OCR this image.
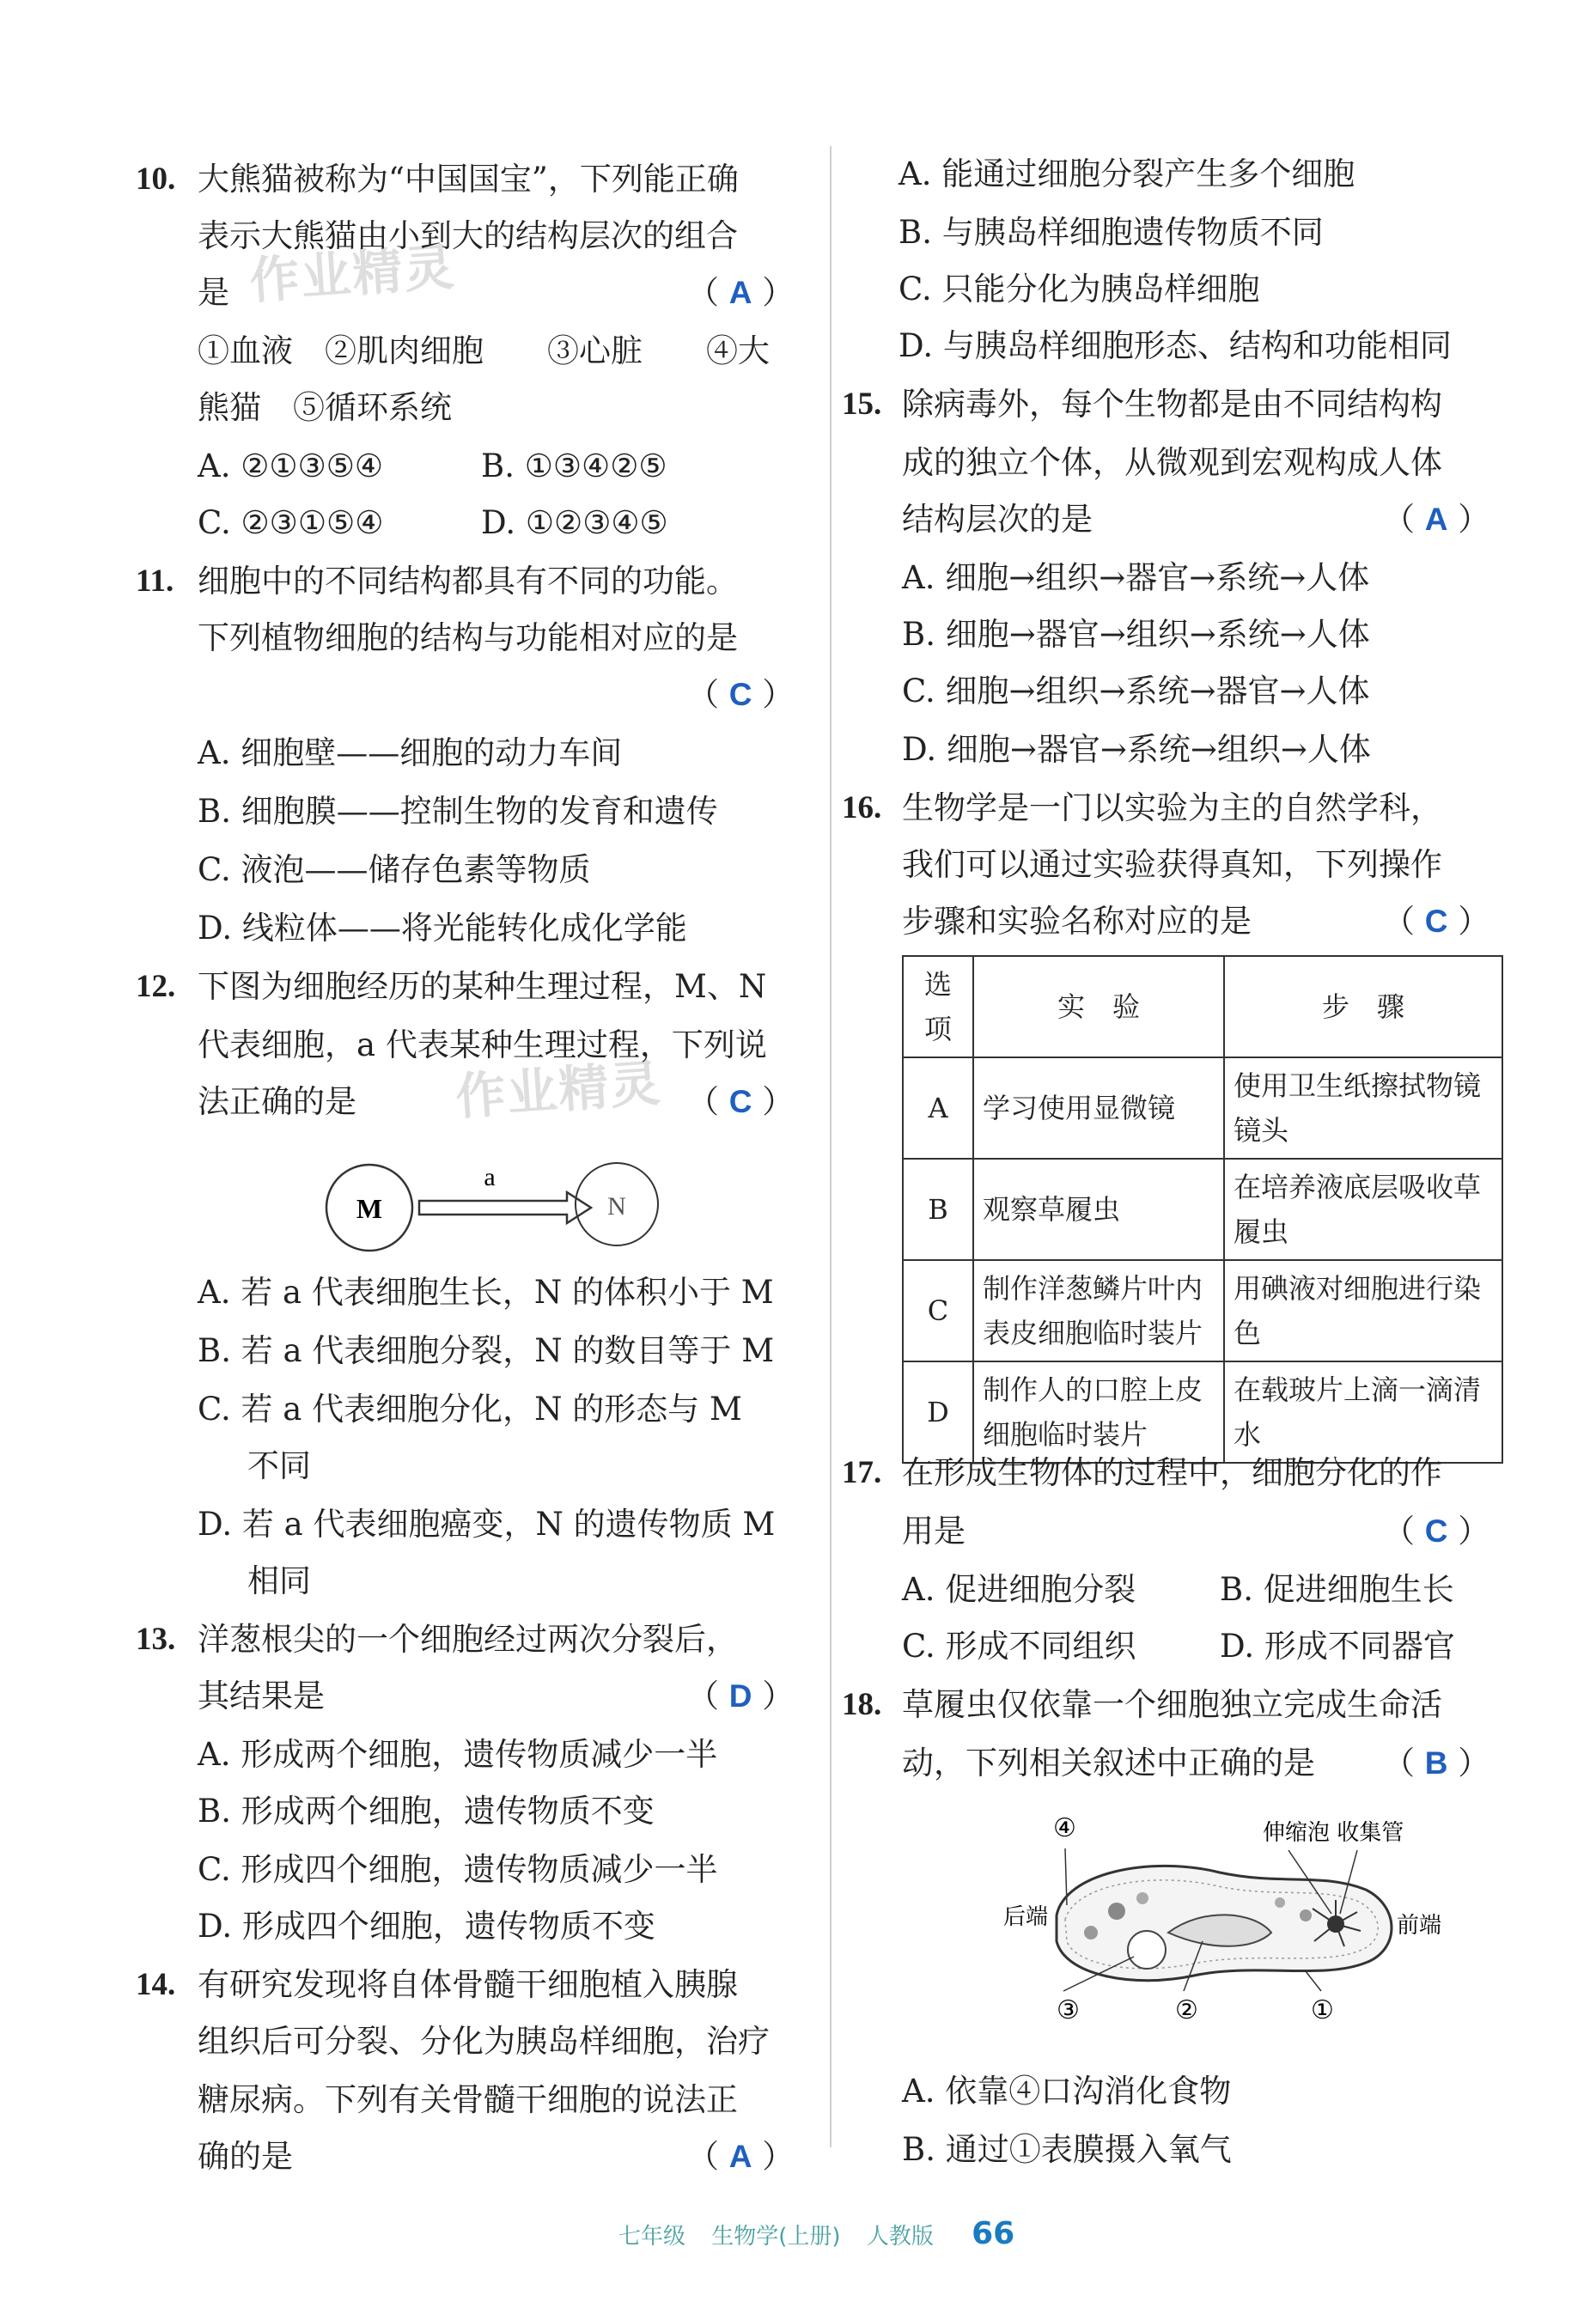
作业精灵
作业精灵
10. 大熊猫被称为“中国国宝”，下列能正确
表示大熊猫由小到大的结构层次的组合
是	（ A ）
①血液　②肌肉细胞　　③心脏　　④大
熊猫　⑤循环系统
A. ②①③⑤④	B. ①③④②⑤
C. ②③①⑤④	D. ①②③④⑤
11. 细胞中的不同结构都具有不同的功能。
下列植物细胞的结构与功能相对应的是
（ C ）
A. 细胞壁——细胞的动力车间
B. 细胞膜——控制生物的发育和遗传
C. 液泡——储存色素等物质
D. 线粒体——将光能转化成化学能
12. 下图为细胞经历的某种生理过程，M、N
代表细胞，a 代表某种生理过程，下列说
法正确的是	（ C ）
M
a
N
A. 若 a 代表细胞生长，N 的体积小于 M
B. 若 a 代表细胞分裂，N 的数目等于 M
C. 若 a 代表细胞分化，N 的形态与 M
不同
D. 若 a 代表细胞癌变，N 的遗传物质 M
相同
13. 洋葱根尖的一个细胞经过两次分裂后，
其结果是	（ D ）
A. 形成两个细胞，遗传物质减少一半
B. 形成两个细胞，遗传物质不变
C. 形成四个细胞，遗传物质减少一半
D. 形成四个细胞，遗传物质不变
14. 有研究发现将自体骨髓干细胞植入胰腺
组织后可分裂、分化为胰岛样细胞，治疗
糖尿病。下列有关骨髓干细胞的说法正
确的是	（ A ）
A. 能通过细胞分裂产生多个细胞
B. 与胰岛样细胞遗传物质不同
C. 只能分化为胰岛样细胞
D. 与胰岛样细胞形态、结构和功能相同
15. 除病毒外，每个生物都是由不同结构构
成的独立个体，从微观到宏观构成人体
结构层次的是	（ A ）
A. 细胞→组织→器官→系统→人体
B. 细胞→器官→组织→系统→人体
C. 细胞→组织→系统→器官→人体
D. 细胞→器官→系统→组织→人体
16. 生物学是一门以实验为主的自然学科，
我们可以通过实验获得真知，下列操作
步骤和实验名称对应的是	（ C ）
选项	实　验	步　骤
A	学习使用显微镜	使用卫生纸擦拭物镜镜头
B	观察草履虫	在培养液底层吸收草履虫
C	制作洋葱鳞片叶内表皮细胞临时装片	用碘液对细胞进行染色
D	制作人的口腔上皮细胞临时装片	在载玻片上滴一滴清水
17. 在形成生物体的过程中，细胞分化的作
用是	（ C ）
A. 促进细胞分裂	B. 促进细胞生长
C. 形成不同组织	D. 形成不同器官
18. 草履虫仅依靠一个细胞独立完成生命活
动，下列相关叙述中正确的是 （ B ）
④	伸缩泡 收集管
后端	前端
③	②	①
A. 依靠④口沟消化食物
B. 通过①表膜摄入氧气
七年级 生物学(上册) 人教版 66
